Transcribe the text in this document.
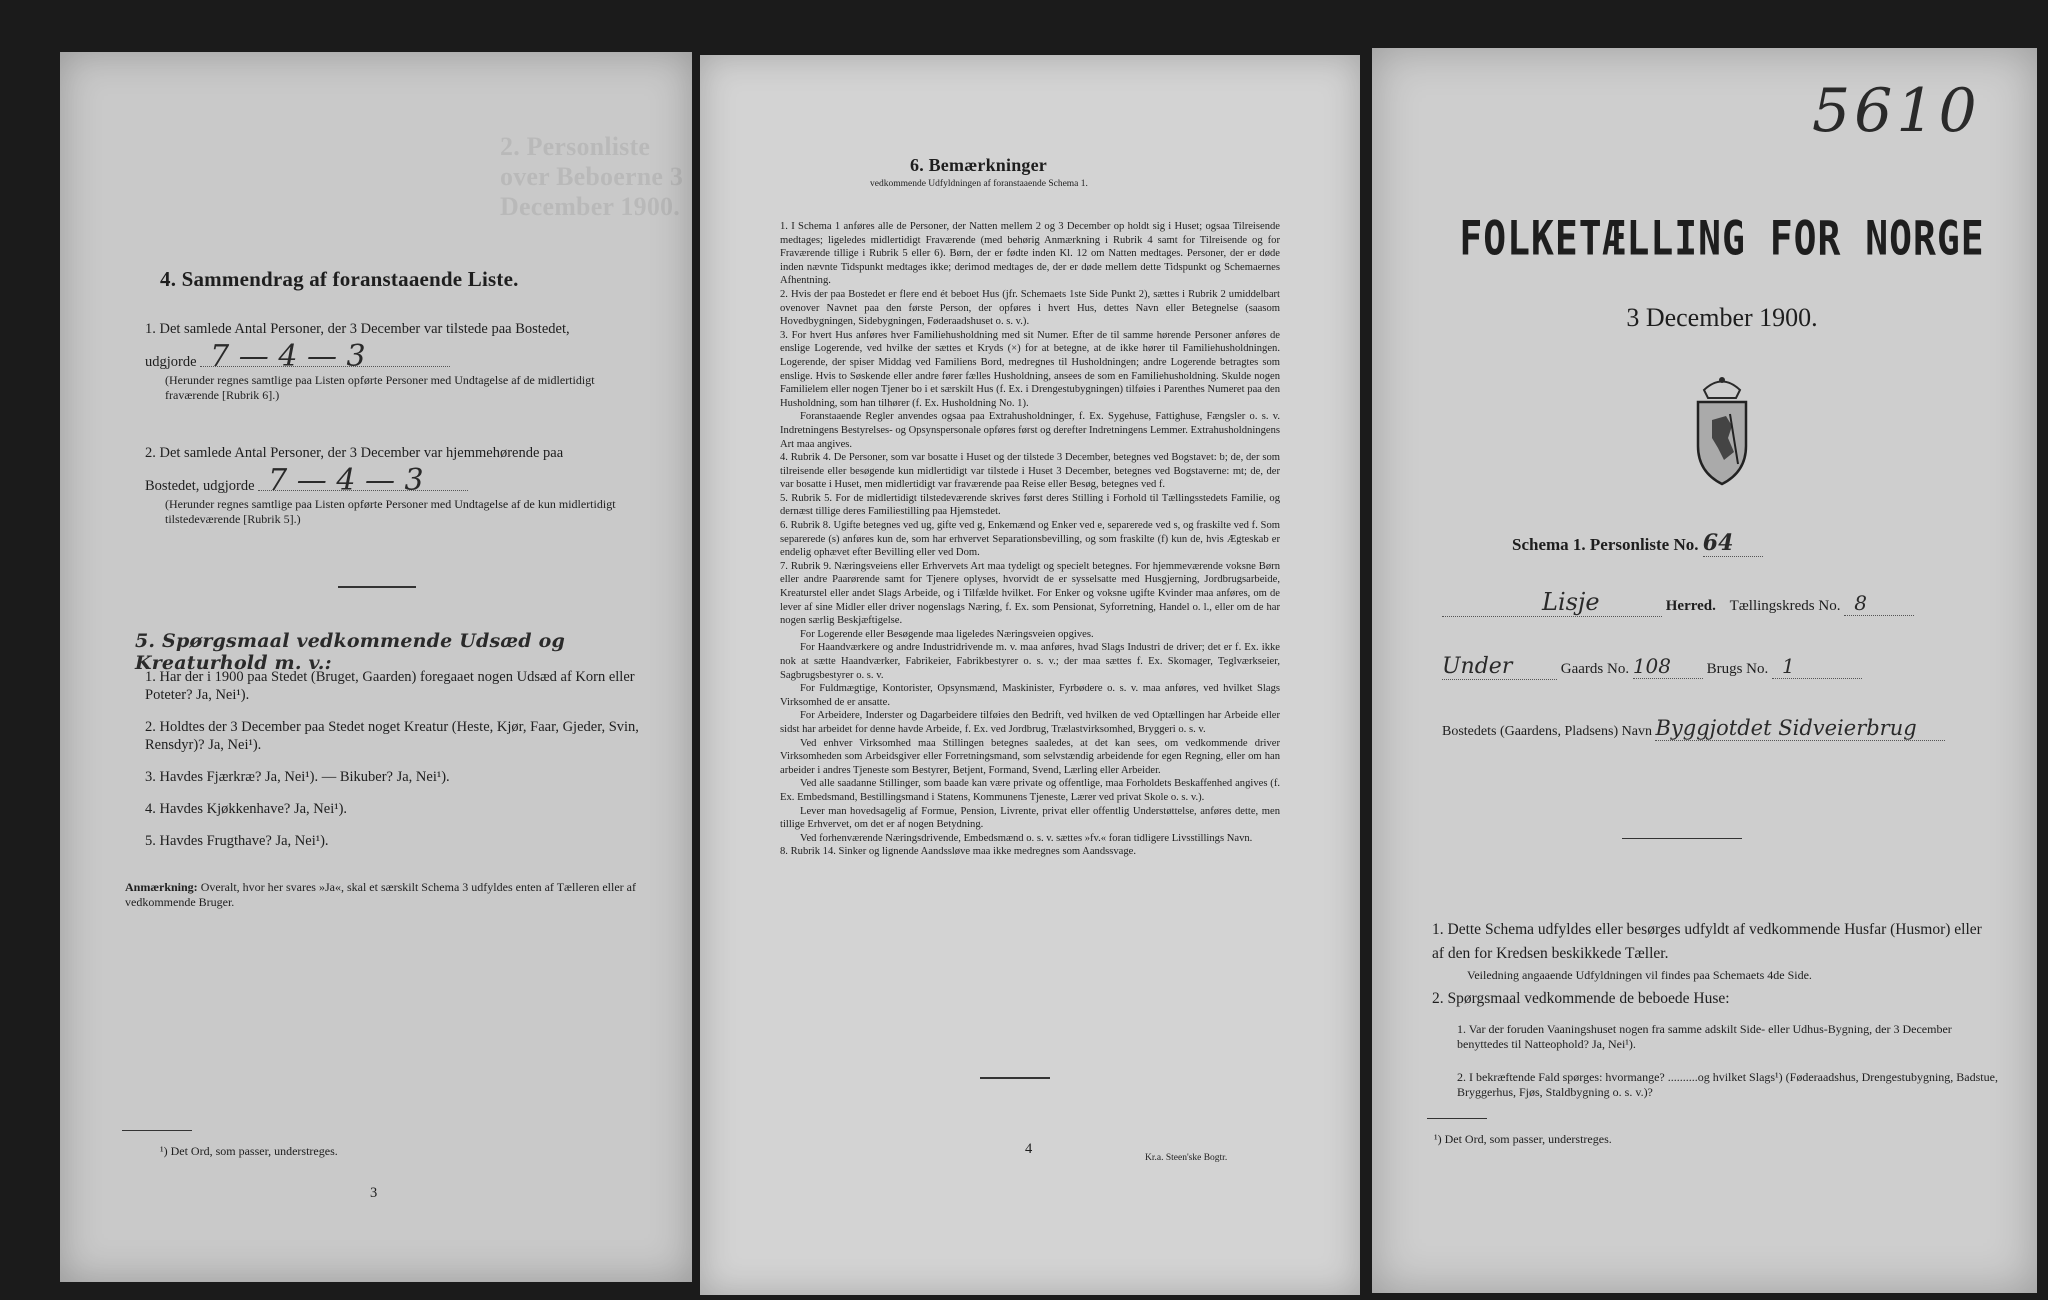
2. Personliste over Beboerne 3 December 1900.
4. Sammendrag af foranstaaende Liste.
1. Det samlede Antal Personer, der 3 December var tilstede paa Bostedet,
udgjorde 7 — 4 — 3
(Herunder regnes samtlige paa Listen opførte Personer med Undtagelse af de midlertidigt fraværende [Rubrik 6].)
2. Det samlede Antal Personer, der 3 December var hjemmehørende paa
Bostedet, udgjorde 7 — 4 — 3
(Herunder regnes samtlige paa Listen opførte Personer med Undtagelse af de kun midlertidigt tilstedeværende [Rubrik 5].)
5. Spørgsmaal vedkommende Udsæd og Kreaturhold m. v.:
1. Har der i 1900 paa Stedet (Bruget, Gaarden) foregaaet nogen Udsæd af Korn eller Poteter? Ja, Nei¹).
2. Holdtes der 3 December paa Stedet noget Kreatur (Heste, Kjør, Faar, Gjeder, Svin, Rensdyr)? Ja, Nei¹).
3. Havdes Fjærkræ? Ja, Nei¹). — Bikuber? Ja, Nei¹).
4. Havdes Kjøkkenhave? Ja, Nei¹).
5. Havdes Frugthave? Ja, Nei¹).
Anmærkning: Overalt, hvor her svares »Ja«, skal et særskilt Schema 3 udfyldes enten af Tælleren eller af vedkommende Bruger.
¹) Det Ord, som passer, understreges.
3
6. Bemærkninger
vedkommende Udfyldningen af foranstaaende Schema 1.

1. I Schema 1 anføres alle de Personer, der Natten mellem 2 og 3 December op holdt sig i Huset; ogsaa Tilreisende medtages; ligeledes midlertidigt Fraværende (med behørig Anmærkning i Rubrik 4 samt for Tilreisende og for Fraværende tillige i Rubrik 5 eller 6). Børn, der er fødte inden Kl. 12 om Natten medtages. Personer, der er døde inden nævnte Tidspunkt medtages ikke; derimod medtages de, der er døde mellem dette Tidspunkt og Schemaernes Afhentning.

2. Hvis der paa Bostedet er flere end ét beboet Hus (jfr. Schemaets 1ste Side Punkt 2), sættes i Rubrik 2 umiddelbart ovenover Navnet paa den første Person, der opføres i hvert Hus, dettes Navn eller Betegnelse (saasom Hovedbygningen, Sidebygningen, Føderaadshuset o. s. v.).

3. For hvert Hus anføres hver Familiehusholdning med sit Numer. Efter de til samme hørende Personer anføres de enslige Logerende, ved hvilke der sættes et Kryds (×) for at betegne, at de ikke hører til Familiehusholdningen. Logerende, der spiser Middag ved Familiens Bord, medregnes til Husholdningen; andre Logerende betragtes som enslige. Hvis to Søskende eller andre fører fælles Husholdning, ansees de som en Familiehusholdning. Skulde nogen Familielem eller nogen Tjener bo i et særskilt Hus (f. Ex. i Drengestubygningen) tilføies i Parenthes Numeret paa den Husholdning, som han tilhører (f. Ex. Husholdning No. 1).

Foranstaaende Regler anvendes ogsaa paa Extrahusholdninger, f. Ex. Sygehuse, Fattighuse, Fængsler o. s. v. Indretningens Bestyrelses- og Opsynspersonale opføres først og derefter Indretningens Lemmer. Extrahusholdningens Art maa angives.

4. Rubrik 4. De Personer, som var bosatte i Huset og der tilstede 3 December, betegnes ved Bogstavet: b; de, der som tilreisende eller besøgende kun midlertidigt var tilstede i Huset 3 December, betegnes ved Bogstaverne: mt; de, der var bosatte i Huset, men midlertidigt var fraværende paa Reise eller Besøg, betegnes ved f.

5. Rubrik 5. For de midlertidigt tilstedeværende skrives først deres Stilling i Forhold til Tællingsstedets Familie, og dernæst tillige deres Familiestilling paa Hjemstedet.

6. Rubrik 8. Ugifte betegnes ved ug, gifte ved g, Enkemænd og Enker ved e, separerede ved s, og fraskilte ved f. Som separerede (s) anføres kun de, som har erhvervet Separationsbevilling, og som fraskilte (f) kun de, hvis Ægteskab er endelig ophævet efter Bevilling eller ved Dom.

7. Rubrik 9. Næringsveiens eller Erhvervets Art maa tydeligt og specielt betegnes. For hjemmeværende voksne Børn eller andre Paarørende samt for Tjenere oplyses, hvorvidt de er sysselsatte med Husgjerning, Jordbrugsarbeide, Kreaturstel eller andet Slags Arbeide, og i Tilfælde hvilket. For Enker og voksne ugifte Kvinder maa anføres, om de lever af sine Midler eller driver nogenslags Næring, f. Ex. som Pensionat, Syforretning, Handel o. l., eller om de har nogen særlig Beskjæftigelse.

For Logerende eller Besøgende maa ligeledes Næringsveien opgives.

For Haandværkere og andre Industridrivende m. v. maa anføres, hvad Slags Industri de driver; det er f. Ex. ikke nok at sætte Haandværker, Fabrikeier, Fabrikbestyrer o. s. v.; der maa sættes f. Ex. Skomager, Teglværkseier, Sagbrugsbestyrer o. s. v.

For Fuldmægtige, Kontorister, Opsynsmænd, Maskinister, Fyrbødere o. s. v. maa anføres, ved hvilket Slags Virksomhed de er ansatte.

For Arbeidere, Inderster og Dagarbeidere tilføies den Bedrift, ved hvilken de ved Optællingen har Arbeide eller sidst har arbeidet for denne havde Arbeide, f. Ex. ved Jordbrug, Trælastvirksomhed, Bryggeri o. s. v.

Ved enhver Virksomhed maa Stillingen betegnes saaledes, at det kan sees, om vedkommende driver Virksomheden som Arbeidsgiver eller Forretningsmand, som selvstændig arbeidende for egen Regning, eller om han arbeider i andres Tjeneste som Bestyrer, Betjent, Formand, Svend, Lærling eller Arbeider.

Ved alle saadanne Stillinger, som baade kan være private og offentlige, maa Forholdets Beskaffenhed angives (f. Ex. Embedsmand, Bestillingsmand i Statens, Kommunens Tjeneste, Lærer ved privat Skole o. s. v.).

Lever man hovedsagelig af Formue, Pension, Livrente, privat eller offentlig Understøttelse, anføres dette, men tillige Erhvervet, om det er af nogen Betydning.

Ved forhenværende Næringsdrivende, Embedsmænd o. s. v. sættes »fv.« foran tidligere Livsstillings Navn.

8. Rubrik 14. Sinker og lignende Aandssløve maa ikke medregnes som Aandssvage.

4
Kr.a. Steen'ske Bogtr.
5610
FOLKETÆLLING FOR NORGE
3 December 1900.
Schema 1. Personliste No. 64
Lisje	Herred. Tællingskreds No. 8
Under	Gaards No. 108 Brugs No. 1
Bostedets (Gaardens, Pladsens) Navn Byggjotdet Sidveierbrug
1. Dette Schema udfyldes eller besørges udfyldt af vedkommende Husfar (Husmor) eller af den for Kredsen beskikkede Tæller.
Veiledning angaaende Udfyldningen vil findes paa Schemaets 4de Side.
2. Spørgsmaal vedkommende de beboede Huse:
1. Var der foruden Vaaningshuset nogen fra samme adskilt Side- eller Udhus-Bygning, der 3 December benyttedes til Natteophold? Ja, Nei¹).
2. I bekræftende Fald spørges: hvormange? ..........og hvilket Slags¹) (Føderaadshus, Drengestubygning, Badstue, Bryggerhus, Fjøs, Staldbygning o. s. v.)?
¹) Det Ord, som passer, understreges.
